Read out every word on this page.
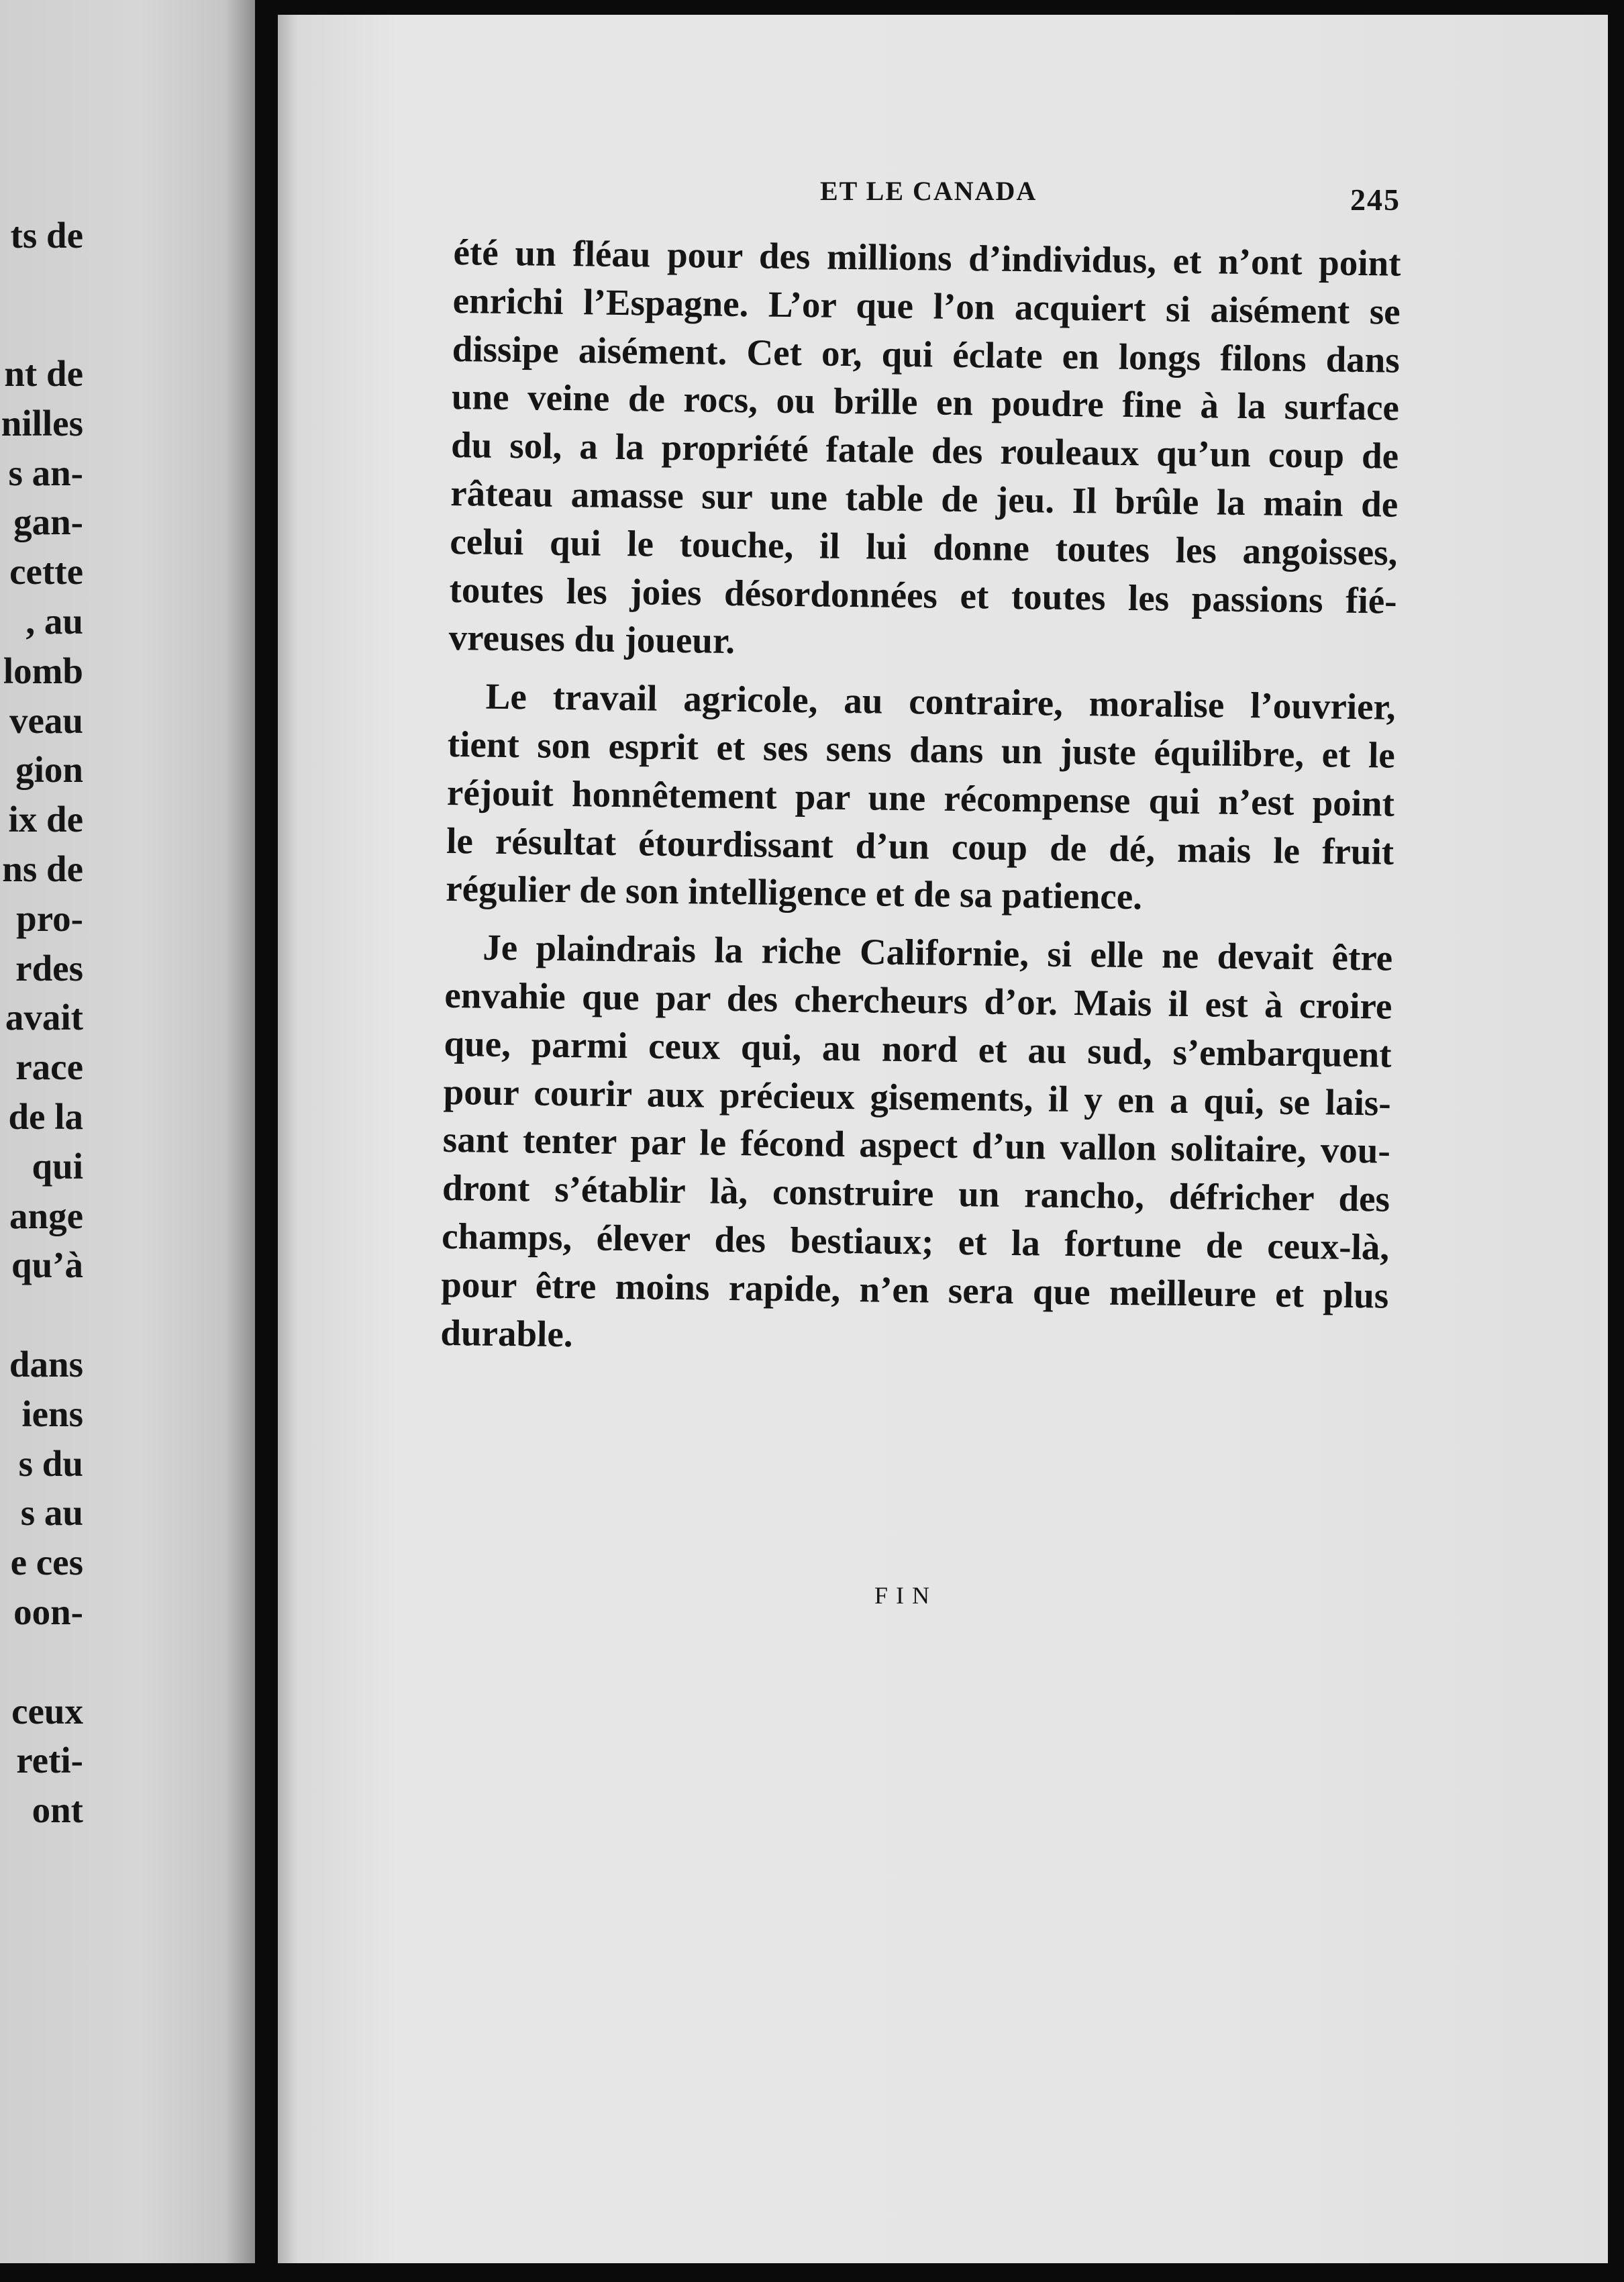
ts de
nt de
nilles
s an-
gan-
cette
, au
lomb
veau
gion
ix de
ns de
pro-
rdes
avait
race
de la
qui
ange
qu’à
dans
iens
s du
s au
e ces
oon-
ceux
reti-
ont
ET LE CANADA	245
été un fléau pour des millions d’individus, et n’ont point
enrichi l’Espagne. L’or que l’on acquiert si aisément se
dissipe aisément. Cet or, qui éclate en longs filons dans
une veine de rocs, ou brille en poudre fine à la surface
du sol, a la propriété fatale des rouleaux qu’un coup de
râteau amasse sur une table de jeu. Il brûle la main de
celui qui le touche, il lui donne toutes les angoisses,
toutes les joies désordonnées et toutes les passions fié-
vreuses du joueur.
Le travail agricole, au contraire, moralise l’ouvrier,
tient son esprit et ses sens dans un juste équilibre, et le
réjouit honnêtement par une récompense qui n’est point
le résultat étourdissant d’un coup de dé, mais le fruit
régulier de son intelligence et de sa patience.
Je plaindrais la riche Californie, si elle ne devait être
envahie que par des chercheurs d’or. Mais il est à croire
que, parmi ceux qui, au nord et au sud, s’embarquent
pour courir aux précieux gisements, il y en a qui, se lais-
sant tenter par le fécond aspect d’un vallon solitaire, vou-
dront s’établir là, construire un rancho, défricher des
champs, élever des bestiaux; et la fortune de ceux-là,
pour être moins rapide, n’en sera que meilleure et plus
durable.
FIN
